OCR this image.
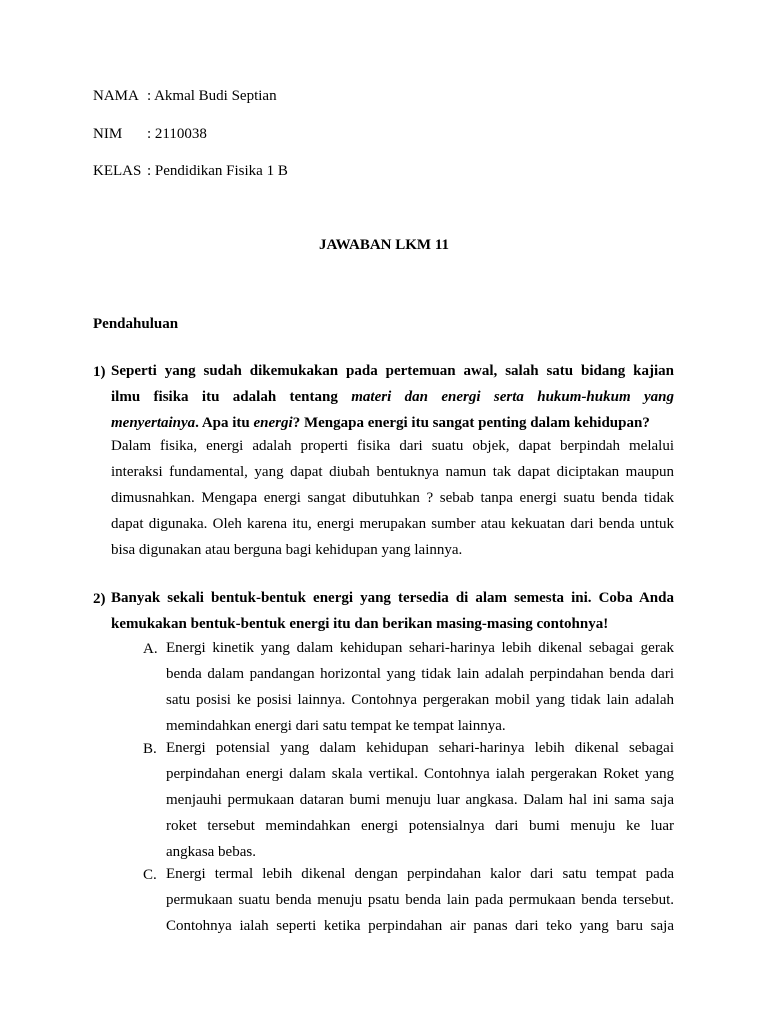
NAMA : Akmal Budi Septian
NIM : 2110038
KELAS : Pendidikan Fisika 1 B
JAWABAN LKM 11
Pendahuluan
1) Seperti yang sudah dikemukakan pada pertemuan awal, salah satu bidang kajian
ilmu fisika itu adalah tentang materi dan energi serta hukum-hukum yang
menyertainya. Apa itu energi? Mengapa energi itu sangat penting dalam kehidupan?
Dalam fisika, energi adalah properti fisika dari suatu objek, dapat berpindah melalui
interaksi fundamental, yang dapat diubah bentuknya namun tak dapat diciptakan maupun
dimusnahkan. Mengapa energi sangat dibutuhkan ? sebab tanpa energi suatu benda tidak
dapat digunaka. Oleh karena itu, energi merupakan sumber atau kekuatan dari benda untuk
bisa digunakan atau berguna bagi kehidupan yang lainnya.
2) Banyak sekali bentuk-bentuk energi yang tersedia di alam semesta ini. Coba Anda
kemukakan bentuk-bentuk energi itu dan berikan masing-masing contohnya!
A. Energi kinetik yang dalam kehidupan sehari-harinya lebih dikenal sebagai gerak
benda dalam pandangan horizontal yang tidak lain adalah perpindahan benda dari
satu posisi ke posisi lainnya. Contohnya pergerakan mobil yang tidak lain adalah
memindahkan energi dari satu tempat ke tempat lainnya.
B. Energi potensial yang dalam kehidupan sehari-harinya lebih dikenal sebagai
perpindahan energi dalam skala vertikal. Contohnya ialah pergerakan Roket yang
menjauhi permukaan dataran bumi menuju luar angkasa. Dalam hal ini sama saja
roket tersebut memindahkan energi potensialnya dari bumi menuju ke luar
angkasa bebas.
C. Energi termal lebih dikenal dengan perpindahan kalor dari satu tempat pada
permukaan suatu benda menuju psatu benda lain pada permukaan benda tersebut.
Contohnya ialah seperti ketika perpindahan air panas dari teko yang baru saja
